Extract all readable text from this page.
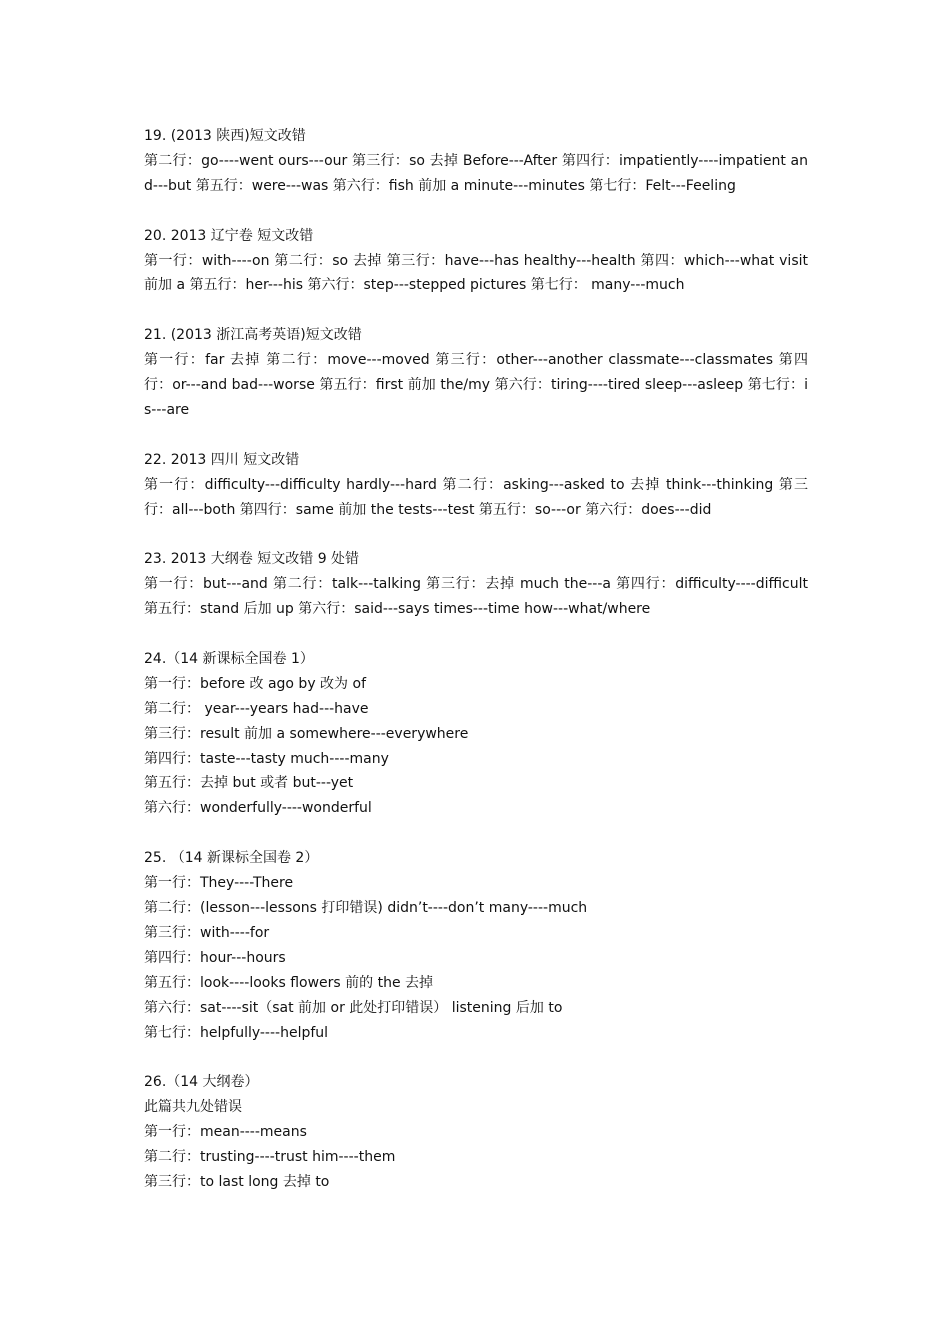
19. (2013 陕西)短文改错
第二行：go----went ours---our 第三行：so 去掉 Before---After 第四行：impatiently----impatient and---but 第五行：were---was 第六行：fish 前加 a minute---minutes 第七行：Felt---Feeling
20. 2013 辽宁卷 短文改错
第一行：with----on 第二行：so 去掉 第三行：have---has healthy---health 第四：which---what visit 前加 a 第五行：her---his 第六行：step---stepped pictures 第七行： many---much
21. (2013 浙江高考英语)短文改错
第一行：far 去掉 第二行：move---moved 第三行：other---another classmate---classmates 第四行：or---and bad---worse 第五行：first 前加 the/my 第六行：tiring----tired sleep---asleep 第七行：is---are
22. 2013 四川 短文改错
第一行：difficulty---difficulty hardly---hard 第二行：asking---asked to 去掉 think---thinking 第三行：all---both 第四行：same 前加 the tests---test 第五行：so---or 第六行：does---did
23. 2013 大纲卷 短文改错 9 处错
第一行：but---and 第二行：talk---talking 第三行：去掉 much the---a 第四行：difficulty----difficult 第五行：stand 后加 up 第六行：said---says times---time how---what/where
24.（14 新课标全国卷 1）
第一行：before 改 ago by 改为 of
第二行： year---years had---have
第三行：result 前加 a somewhere---everywhere
第四行：taste---tasty much----many
第五行：去掉 but 或者 but---yet
第六行：wonderfully----wonderful
25. （14 新课标全国卷 2）
第一行：They----There
第二行：(lesson---lessons 打印错误) didn’t----don’t many----much
第三行：with----for
第四行：hour---hours
第五行：look----looks flowers 前的 the 去掉
第六行：sat----sit（sat 前加 or 此处打印错误） listening 后加 to
第七行：helpfully----helpful
26.（14 大纲卷）
此篇共九处错误
第一行：mean----means
第二行：trusting----trust him----them
第三行：to last long 去掉 to
